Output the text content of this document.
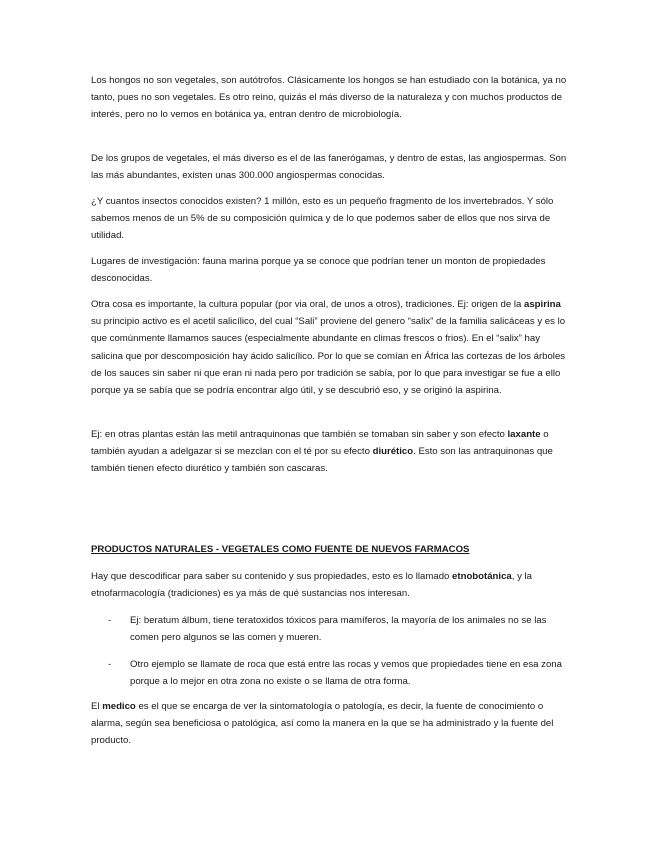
Los hongos no son vegetales, son autótrofos. Clásicamente los hongos se han estudiado con la botánica, ya no tanto, pues no son vegetales. Es otro reino, quizás el más diverso de la naturaleza y con muchos productos de interés, pero no lo vemos en botánica ya, entran dentro de microbiología.

De los grupos de vegetales, el más diverso es el de las fanerógamas, y dentro de estas, las angiospermas. Son las más abundantes, existen unas 300.000 angiospermas conocidas.

¿Y cuantos insectos conocidos existen? 1 millón, esto es un pequeño fragmento de los invertebrados. Y sólo sabemos menos de un 5% de su composición química y de lo que podemos saber de ellos que nos sirva de utilidad.

Lugares de investigación: fauna marina porque ya se conoce que podrían tener un monton de propiedades desconocidas.

Otra cosa es importante, la cultura popular (por via oral, de unos a otros), tradiciones. Ej: origen de la aspirina su principio activo es el acetil salicílico, del cual “Sali” proviene del genero “salix” de la familia salicáceas y es lo que comúnmente llamamos sauces (especialmente abundante en climas frescos o frios). En el “salix” hay salicina que por descomposición hay ácido salicílico. Por lo que se comían en África las cortezas de los árboles de los sauces sin saber ni que eran ni nada pero por tradición se sabía, por lo que para investigar se fue a ello porque ya se sabía que se podría encontrar algo útil, y se descubrió eso, y se originó la aspirina.

Ej: en otras plantas están las metil antraquinonas que también se tomaban sin saber y son efecto laxante o también ayudan a adelgazar si se mezclan con el té por su efecto diurético. Esto son las antraquinonas que también tienen efecto diurético y también son cascaras.

PRODUCTOS NATURALES - VEGETALES COMO FUENTE DE NUEVOS FARMACOS

Hay que descodificar para saber su contenido y sus propiedades, esto es lo llamado etnobotánica, y la etnofarmacología (tradiciones) es ya más de qué sustancias nos interesan.

-	Ej: beratum álbum, tiene teratoxidos tóxicos para mamíferos, la mayoría de los animales no se las comen pero algunos se las comen y mueren.

-	Otro ejemplo se llamate de roca que está entre las rocas y vemos que propiedades tiene en esa zona porque a lo mejor en otra zona no existe o se llama de otra forma.

El medico es el que se encarga de ver la sintomatología o patología, es decir, la fuente de conocimiento o alarma, según sea beneficiosa o patológica, así como la manera en la que se ha administrado y la fuente del producto.
